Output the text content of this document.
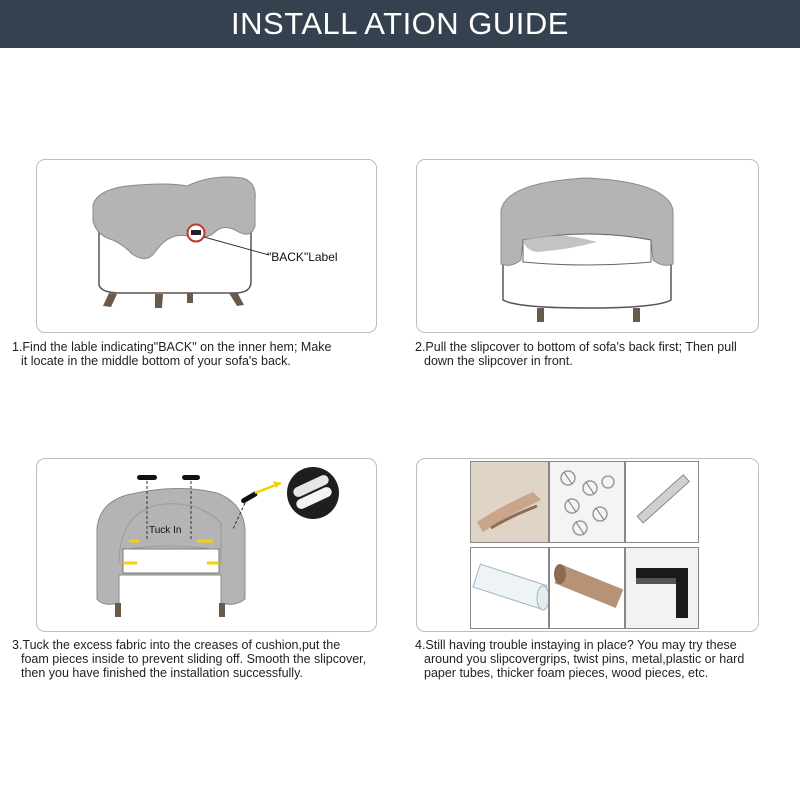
INSTALL ATION GUIDE
"BACK"Label
Tuck In
1.Find the lable indicating"BACK" on the inner hem; Make
it locate in the middle bottom of your sofa's back.
2.Pull the slipcover to bottom of sofa's back first; Then pull
down the slipcover in front.
3.Tuck the excess fabric into the creases of cushion,put the
foam pieces inside to prevent sliding off. Smooth the slipcover,
then you have finished the installation successfully.
4.Still having trouble instaying in place? You may try these
around you slipcovergrips, twist pins, metal,plastic or hard
paper tubes, thicker foam pieces, wood pieces, etc.
